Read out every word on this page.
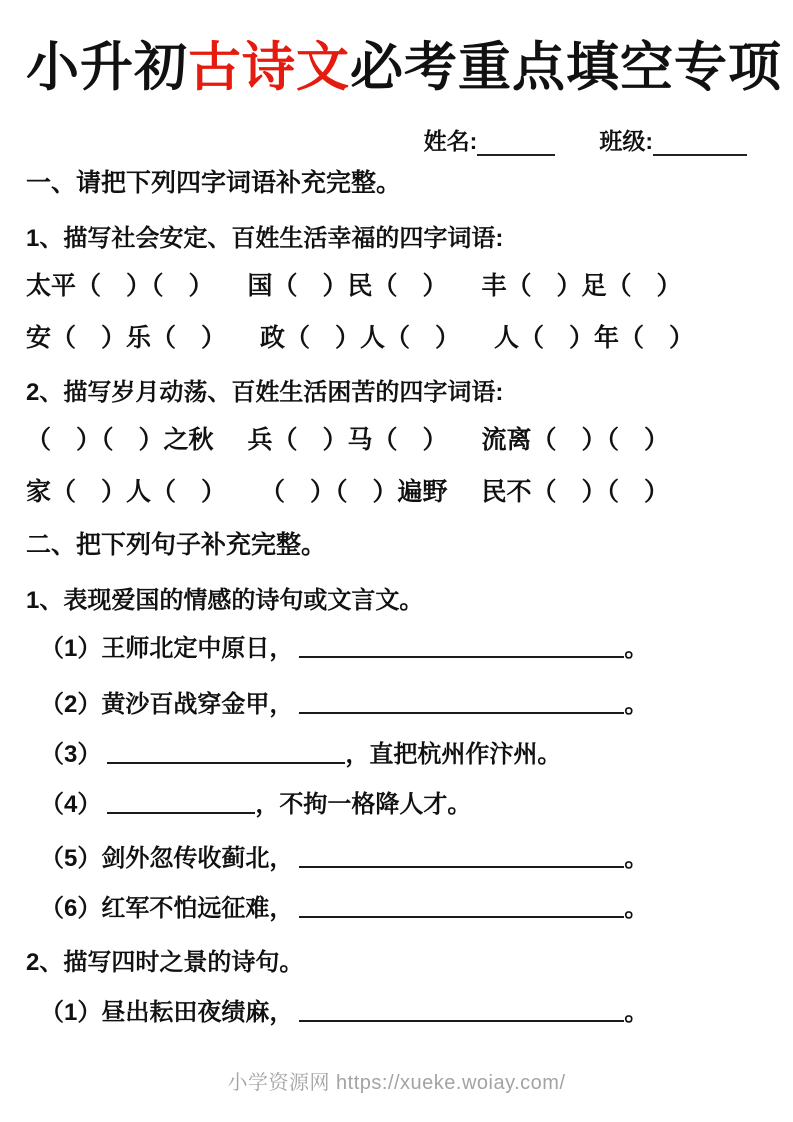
小升初古诗文必考重点填空专项
姓名:	班级:
一、请把下列四字词语补充完整。
1、描写社会安定、百姓生活幸福的四字词语:
太平（　）（　） 国（　）民（　） 丰（　）足（　）
安（　）乐（　） 政（　）人（　） 人（　）年（　）
2、描写岁月动荡、百姓生活困苦的四字词语:
（　）（　）之秋 兵（　）马（　） 流离（　）（　）
家（　）人（　） （　）（　）遍野 民不（　）（　）
二、把下列句子补充完整。
1、表现爱国的情感的诗句或文言文。
（1）王师北定中原日，	。
（2）黄沙百战穿金甲，	。
（3）	，直把杭州作汴州。
（4）	，不拘一格降人才。
（5）剑外忽传收蓟北，	。
（6）红军不怕远征难，	。
2、描写四时之景的诗句。
（1）昼出耘田夜绩麻，	。
小学资源网 https://xueke.woiay.com/
